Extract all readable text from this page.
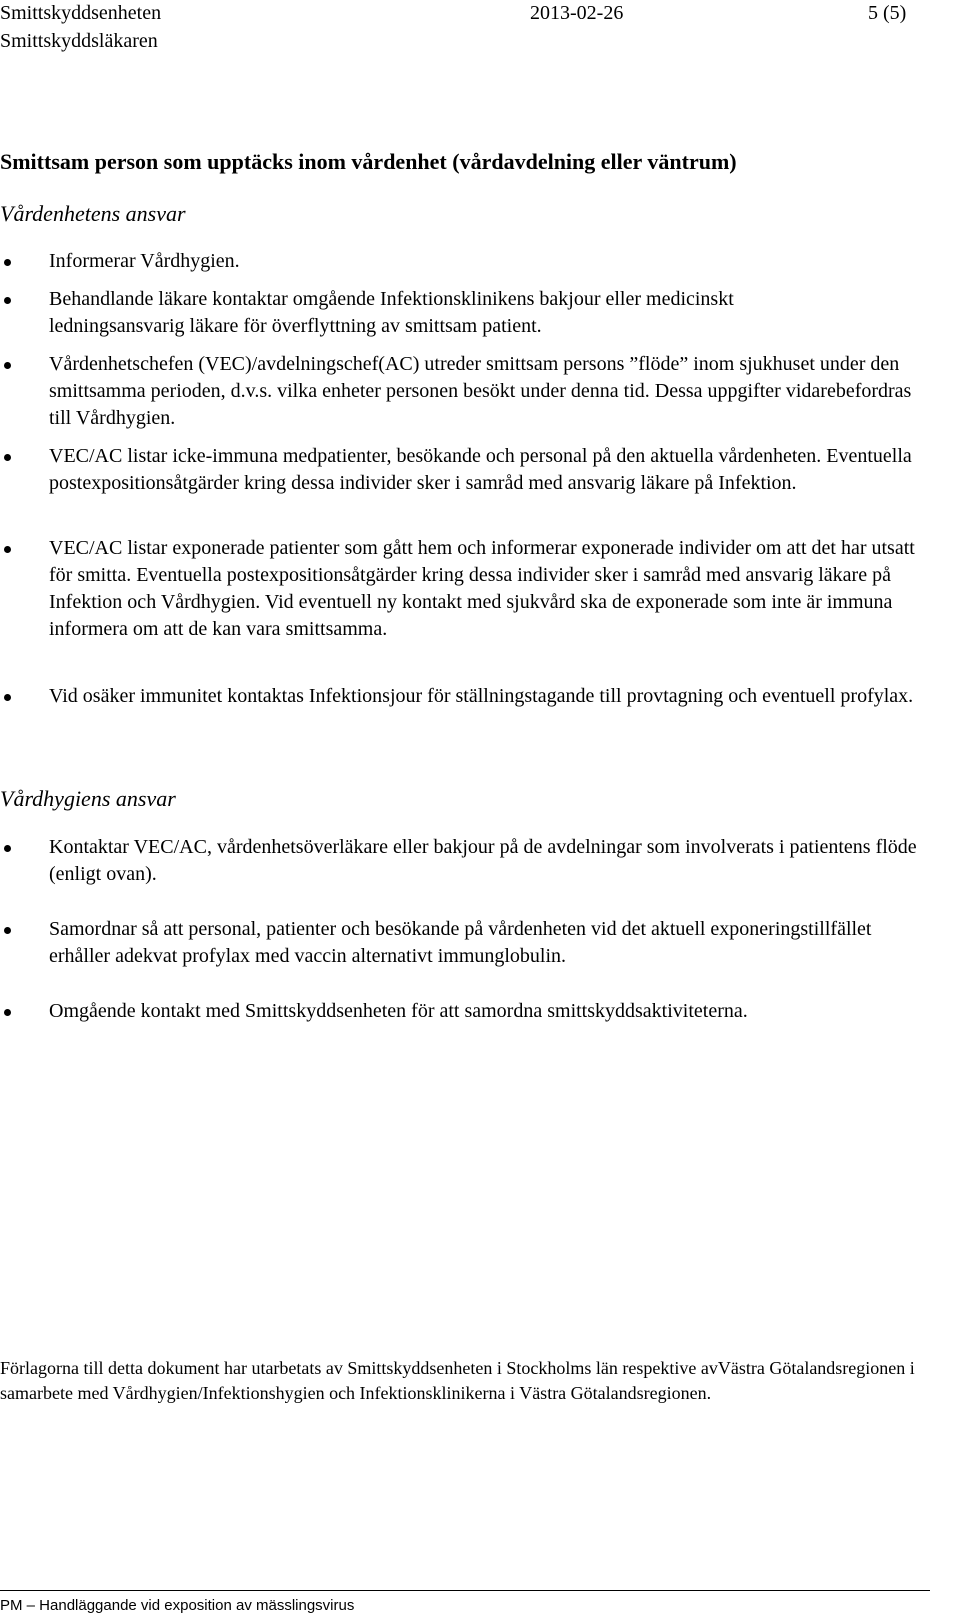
Smittskyddsenheten
Smittskyddsläkaren
2013-02-26	5 (5)
Smittsam person som upptäcks inom vårdenhet (vårdavdelning eller väntrum)
Vårdenhetens ansvar
Informerar Vårdhygien.
Behandlande läkare kontaktar omgående Infektionsklinikens bakjour eller medicinskt ledningsansvarig läkare för överflyttning av smittsam patient.
Vårdenhetschefen (VEC)/avdelningschef(AC) utreder smittsam persons ”flöde” inom sjukhuset under den smittsamma perioden, d.v.s. vilka enheter personen besökt under denna tid. Dessa uppgifter vidarebefordras till Vårdhygien.
VEC/AC listar icke-immuna medpatienter, besökande och personal på den aktuella vårdenheten. Eventuella postexpositionsåtgärder kring dessa individer sker i samråd med ansvarig läkare på Infektion.
VEC/AC listar exponerade patienter som gått hem och informerar exponerade individer om att det har utsatt för smitta. Eventuella postexpositionsåtgärder kring dessa individer sker i samråd med ansvarig läkare på Infektion och Vårdhygien. Vid eventuell ny kontakt med sjukvård ska de exponerade som inte är immuna informera om att de kan vara smittsamma.
Vid osäker immunitet kontaktas Infektionsjour för ställningstagande till provtagning och eventuell profylax.
Vårdhygiens ansvar
Kontaktar VEC/AC, vårdenhetsöverläkare eller bakjour på de avdelningar som involverats i patientens flöde (enligt ovan).
Samordnar så att personal, patienter och besökande på vårdenheten vid det aktuell exponeringstillfället erhåller adekvat profylax med vaccin alternativt immunglobulin.
Omgående kontakt med Smittskyddsenheten för att samordna smittskyddsaktiviteterna.
Förlagorna till detta dokument har utarbetats av Smittskyddsenheten i Stockholms län respektive avVästra Götalandsregionen i samarbete med Vårdhygien/Infektionshygien och Infektionsklinikerna i Västra Götalandsregionen.
PM – Handläggande vid exposition av mässlingsvirus
